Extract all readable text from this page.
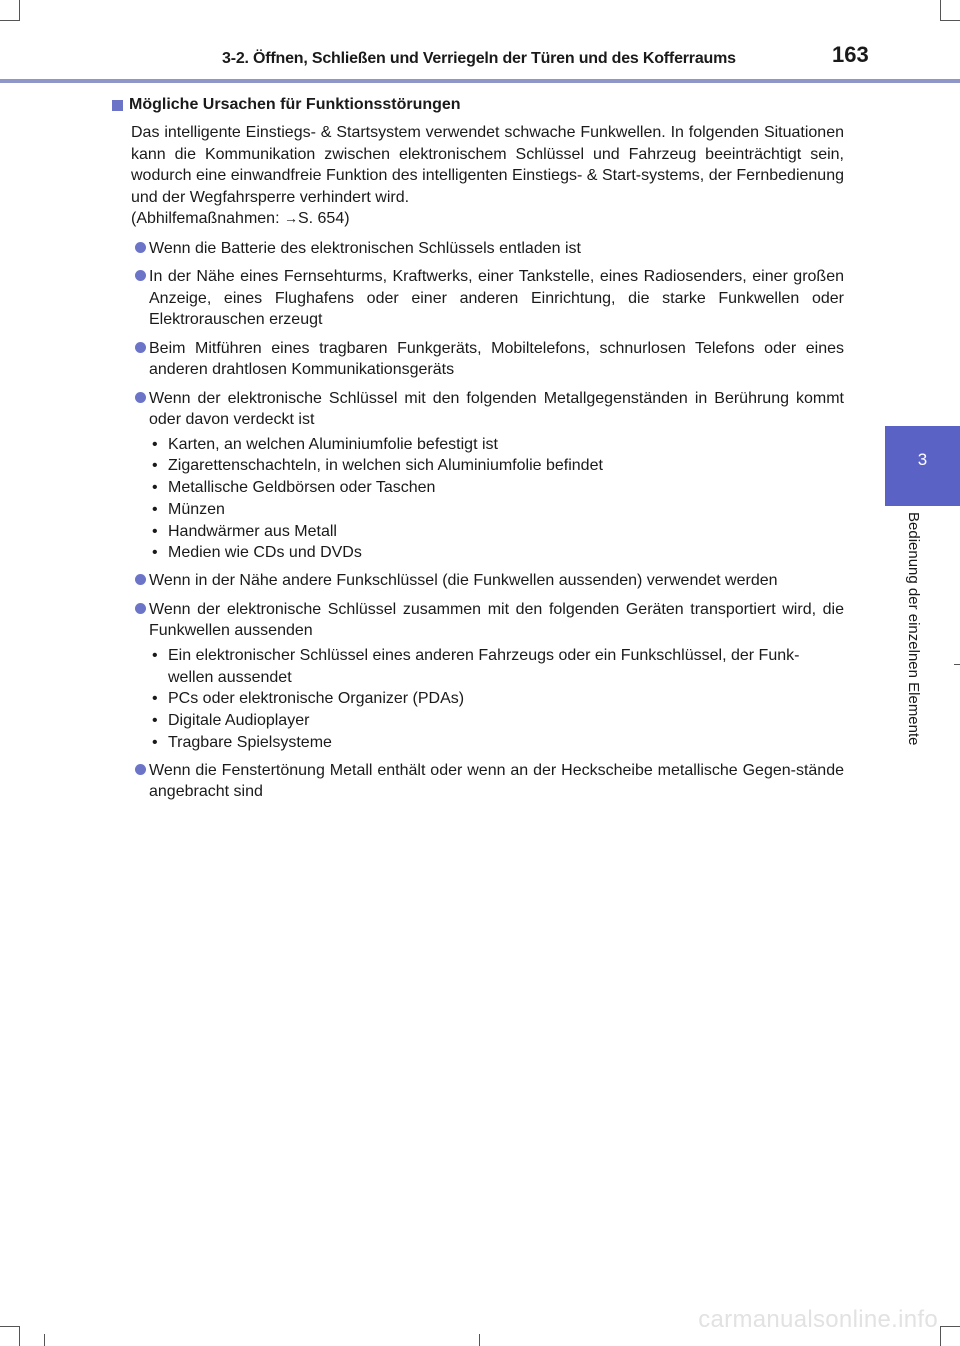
3-2. Öffnen, Schließen und Verriegeln der Türen und des Kofferraums	163
3
Bedienung der einzelnen Elemente
Mögliche Ursachen für Funktionsstörungen

Das intelligente Einstiegs- & Startsystem verwendet schwache Funkwellen. In folgenden Situationen kann die Kommunikation zwischen elektronischem Schlüssel und Fahrzeug beeinträchtigt sein, wodurch eine einwandfreie Funktion des intelligenten Einstiegs- & Start-systems, der Fernbedienung und der Wegfahrsperre verhindert wird.

(Abhilfemaßnahmen: →S. 654)

Wenn die Batterie des elektronischen Schlüssels entladen ist
In der Nähe eines Fernsehturms, Kraftwerks, einer Tankstelle, eines Radiosenders, einer großen Anzeige, eines Flughafens oder einer anderen Einrichtung, die starke Funkwellen oder Elektrorauschen erzeugt
Beim Mitführen eines tragbaren Funkgeräts, Mobiltelefons, schnurlosen Telefons oder eines anderen drahtlosen Kommunikationsgeräts
Wenn der elektronische Schlüssel mit den folgenden Metallgegenständen in Berührung kommt oder davon verdeckt ist
• Karten, an welchen Aluminiumfolie befestigt ist
• Zigarettenschachteln, in welchen sich Aluminiumfolie befindet
• Metallische Geldbörsen oder Taschen
• Münzen
• Handwärmer aus Metall
• Medien wie CDs und DVDs
Wenn in der Nähe andere Funkschlüssel (die Funkwellen aussenden) verwendet werden
Wenn der elektronische Schlüssel zusammen mit den folgenden Geräten transportiert wird, die Funkwellen aussenden
• Ein elektronischer Schlüssel eines anderen Fahrzeugs oder ein Funkschlüssel, der Funk-wellen aussendet
• PCs oder elektronische Organizer (PDAs)
• Digitale Audioplayer
• Tragbare Spielsysteme
Wenn die Fenstertönung Metall enthält oder wenn an der Heckscheibe metallische Gegen-stände angebracht sind
carmanualsonline.info
